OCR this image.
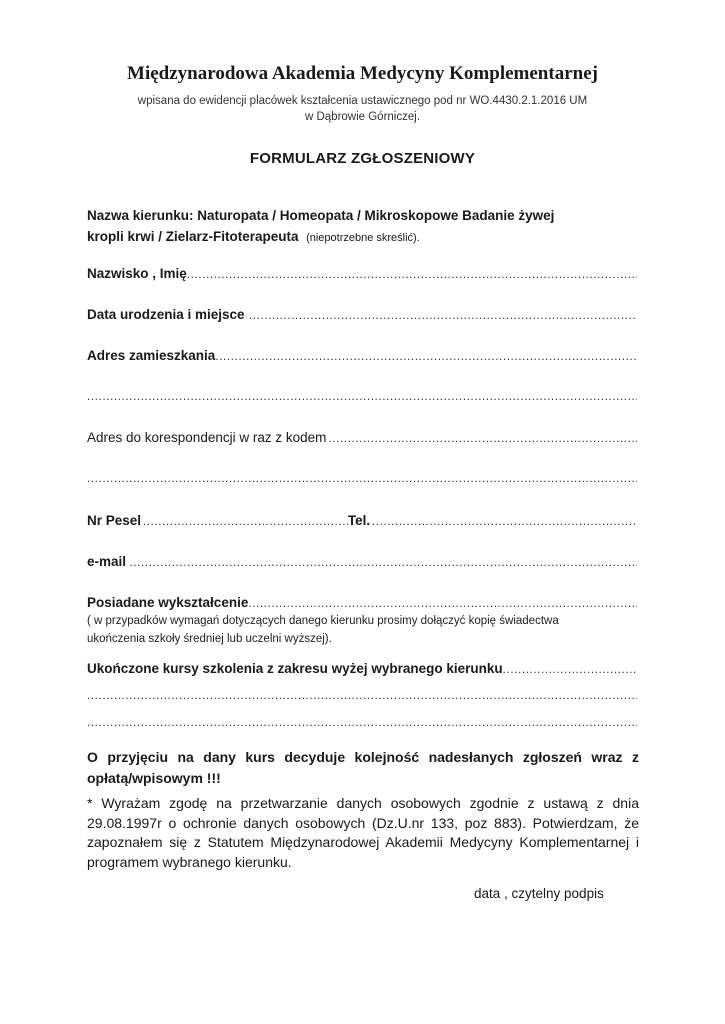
Międzynarodowa Akademia Medycyny Komplementarnej
wpisana do ewidencji placówek kształcenia ustawicznego pod nr WO.4430.2.1.2016 UM
w Dąbrowie Górniczej.
FORMULARZ ZGŁOSZENIOWY
Nazwa kierunku: Naturopata / Homeopata / Mikroskopowe Badanie żywej
kropli krwi / Zielarz-Fitoterapeuta (niepotrzebne skreślić).
Nazwisko , Imię
.....
Data urodzenia i miejsce
.....
Adres zamieszkania
.....
.....
Adres do korespondencji w raz z kodem
.....
.....
Nr Pesel
.....	Tel.
.....
e-mail
.....
Posiadane wykształcenie
.....
( w przypadków wymagań dotyczących danego kierunku prosimy dołączyć kopię świadectwa
ukończenia szkoły średniej lub uczelni wyższej).
Ukończone kursy szkolenia z zakresu wyżej wybranego kierunku
.....
.....
.....
O przyjęciu na dany kurs decyduje kolejność nadesłanych zgłoszeń wraz z opłatą/wpisowym !!!
* Wyrażam zgodę na przetwarzanie danych osobowych zgodnie z ustawą z dnia 29.08.1997r o ochronie danych osobowych (Dz.U.nr 133, poz 883). Potwierdzam, że zapoznałem się z Statutem Międzynarodowej Akademii Medycyny Komplementarnej i programem wybranego kierunku.
data , czytelny podpis
